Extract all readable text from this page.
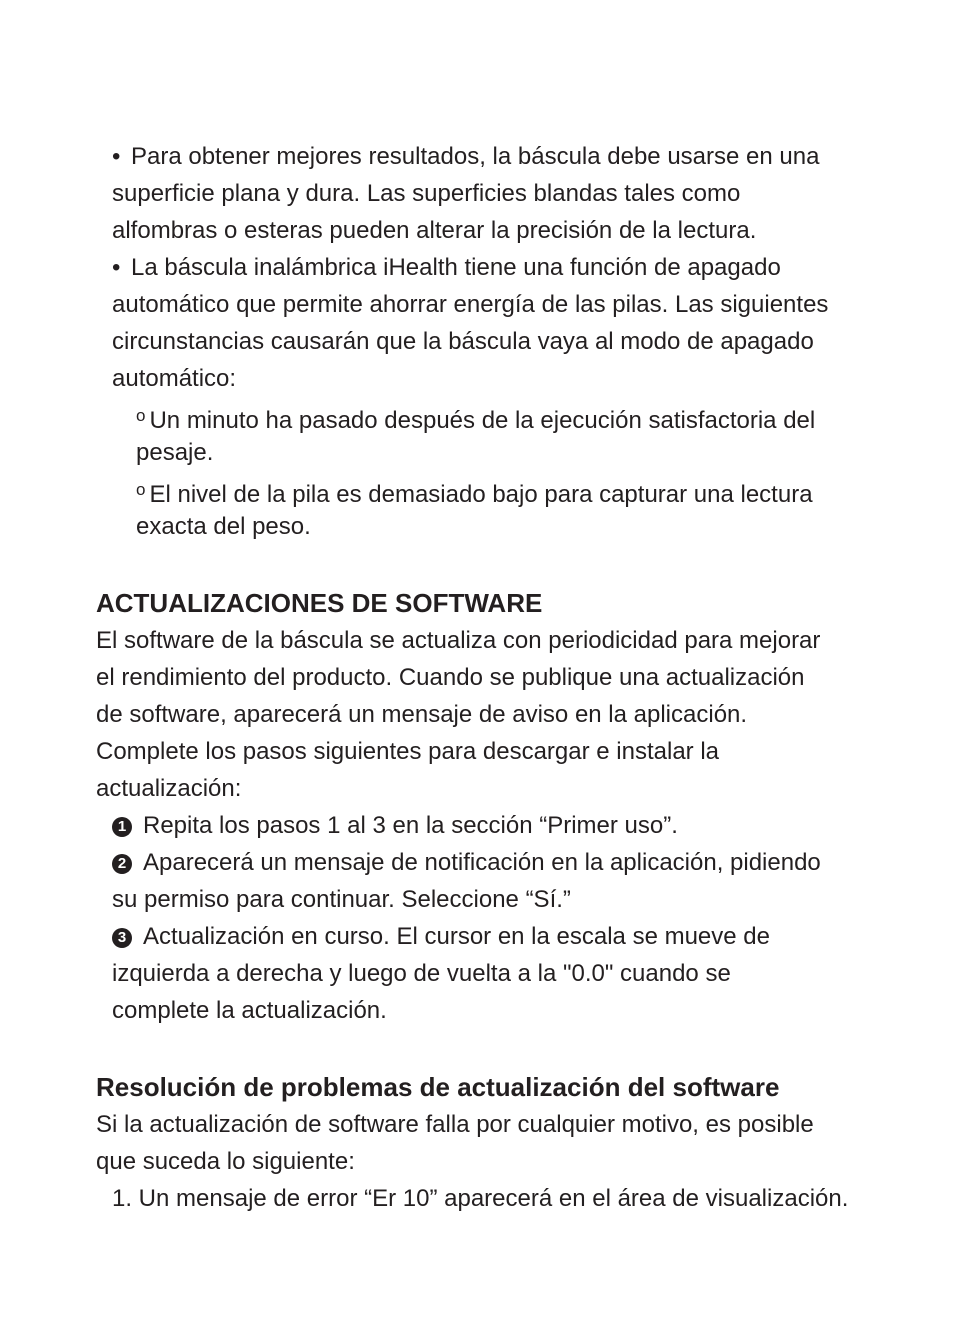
• Para obtener mejores resultados, la báscula debe usarse en una
superficie plana y dura. Las superficies blandas tales como
alfombras o esteras pueden alterar la precisión de la lectura.
• La báscula inalámbrica iHealth tiene una función de apagado
automático que permite ahorrar energía de las pilas. Las siguientes
circunstancias causarán que la báscula vaya al modo de apagado
automático:
o Un minuto ha pasado después de la ejecución satisfactoria del
pesaje.
o El nivel de la pila es demasiado bajo para capturar una lectura
exacta del peso.
ACTUALIZACIONES DE SOFTWARE
El software de la báscula se actualiza con periodicidad para mejorar
el rendimiento del producto. Cuando se publique una actualización
de software, aparecerá un mensaje de aviso en la aplicación.
Complete los pasos siguientes para descargar e instalar la
actualización:
1 Repita los pasos 1 al 3 en la sección “Primer uso”.
2 Aparecerá un mensaje de notificación en la aplicación, pidiendo
su permiso para continuar. Seleccione “Sí.”
3 Actualización en curso. El cursor en la escala se mueve de
izquierda a derecha y luego de vuelta a la "0.0" cuando se
complete la actualización.
Resolución de problemas de actualización del software
Si la actualización de software falla por cualquier motivo, es posible
que suceda lo siguiente:
1. Un mensaje de error “Er 10” aparecerá en el área de visualización.
